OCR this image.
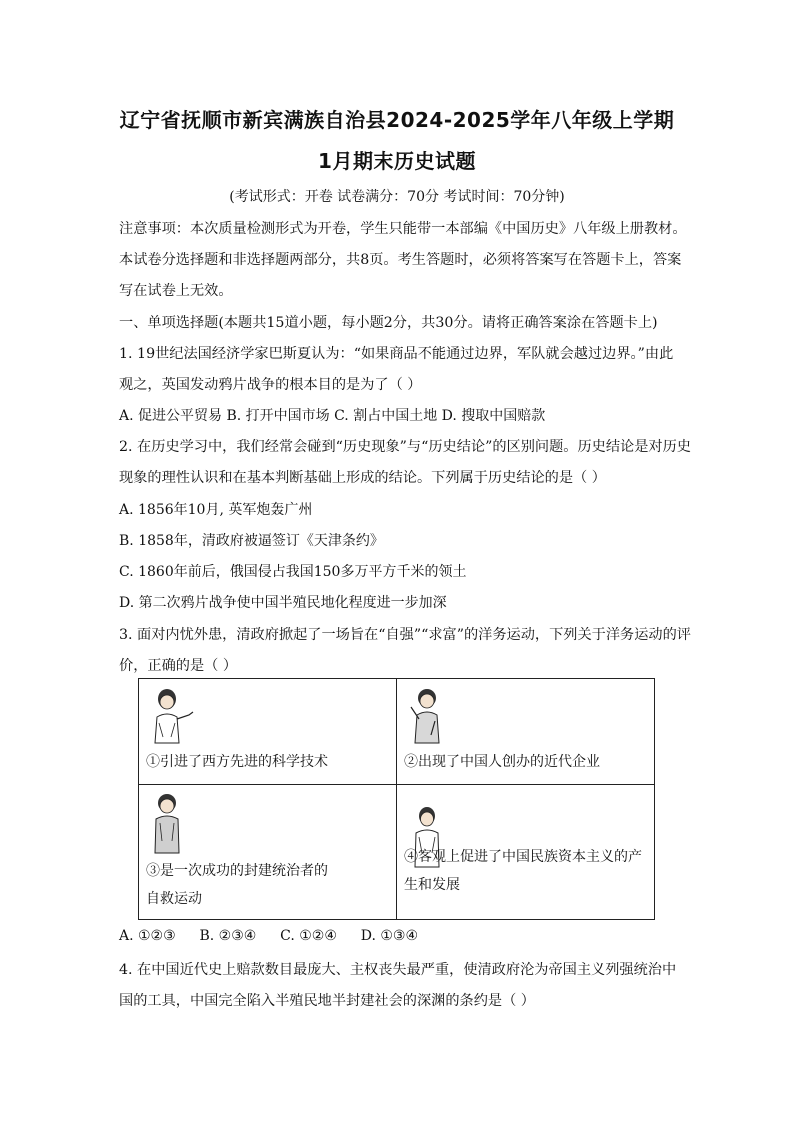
辽宁省抚顺市新宾满族自治县2024-2025学年八年级上学期
1月期末历史试题
(考试形式：开卷 试卷满分：70分 考试时间：70分钟)
注意事项：本次质量检测形式为开卷，学生只能带一本部编《中国历史》八年级上册教材。
本试卷分选择题和非选择题两部分，共8页。考生答题时，必须将答案写在答题卡上，答案
写在试卷上无效。
一、单项选择题(本题共15道小题，每小题2分，共30分。请将正确答案涂在答题卡上)
1. 19世纪法国经济学家巴斯夏认为：“如果商品不能通过边界，军队就会越过边界。”由此
观之，英国发动鸦片战争的根本目的是为了（ ）
A. 促进公平贸易 B. 打开中国市场 C. 割占中国土地 D. 搜取中国赔款
2. 在历史学习中，我们经常会碰到“历史现象”与“历史结论”的区别问题。历史结论是对历史
现象的理性认识和在基本判断基础上形成的结论。下列属于历史结论的是（ ）
A. 1856年10月, 英军炮轰广州
B. 1858年，清政府被逼签订《天津条约》
C. 1860年前后，俄国侵占我国150多万平方千米的领土
D. 第二次鸦片战争使中国半殖民地化程度进一步加深
3. 面对内忧外患，清政府掀起了一场旨在“自强”“求富”的洋务运动，下列关于洋务运动的评
价，正确的是（ ）
①引进了西方先进的科学技术	②出现了中国人创办的近代企业

③是一次成功的封建统治者的
自救运动	④客观上促进了中国民族资本主义的产生和发展
A. ①②③ B. ②③④ C. ①②④ D. ①③④
4. 在中国近代史上赔款数目最庞大、主权丧失最严重，使清政府沦为帝国主义列强统治中
国的工具，中国完全陷入半殖民地半封建社会的深渊的条约是（ ）
